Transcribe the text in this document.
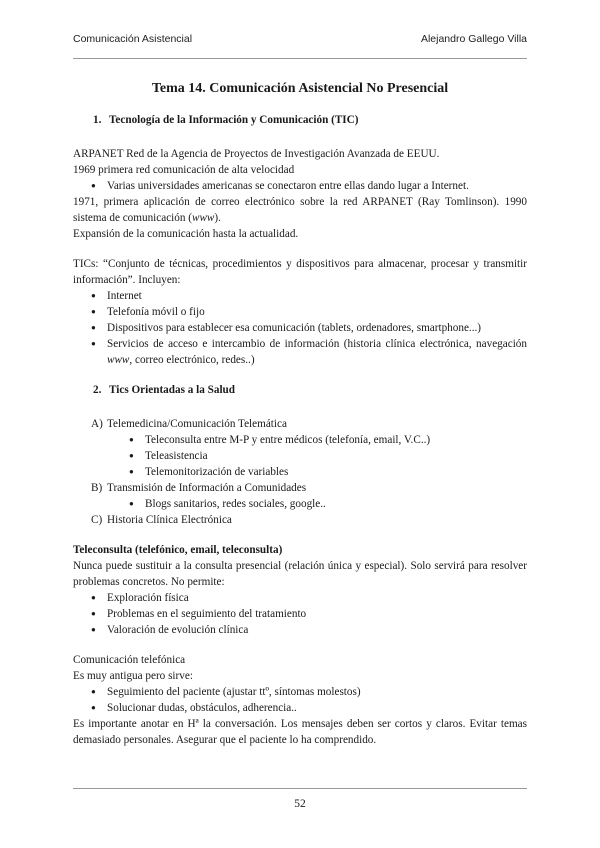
Comunicación Asistencial	Alejandro Gallego Villa
Tema 14. Comunicación Asistencial No Presencial
1. Tecnología de la Información y Comunicación (TIC)

ARPANET Red de la Agencia de Proyectos de Investigación Avanzada de EEUU.

1969 primera red comunicación de alta velocidad

● Varias universidades americanas se conectaron entre ellas dando lugar a Internet.

1971, primera aplicación de correo electrónico sobre la red ARPANET (Ray Tomlinson). 1990 sistema de comunicación (www).

Expansión de la comunicación hasta la actualidad.

TICs: “Conjunto de técnicas, procedimientos y dispositivos para almacenar, procesar y transmitir información”. Incluyen:

● Internet
● Telefonía móvil o fijo
● Dispositivos para establecer esa comunicación (tablets, ordenadores, smartphone...)
● Servicios de acceso e intercambio de información (historia clínica electrónica, navegación www, correo electrónico, redes..)
2. Tics Orientadas a la Salud
A) Telemedicina/Comunicación Telemática
● Teleconsulta entre M-P y entre médicos (telefonía, email, V.C..)
● Teleasistencia
● Telemonitorización de variables
B) Transmisión de Información a Comunidades
● Blogs sanitarios, redes sociales, google..
C) Historia Clínica Electrónica

Teleconsulta (telefónico, email, teleconsulta)

Nunca puede sustituir a la consulta presencial (relación única y especial). Solo servirá para resolver problemas concretos. No permite:

● Exploración física
● Problemas en el seguimiento del tratamiento
● Valoración de evolución clínica

Comunicación telefónica

Es muy antigua pero sirve:

● Seguimiento del paciente (ajustar ttº, síntomas molestos)
● Solucionar dudas, obstáculos, adherencia..

Es importante anotar en Hª la conversación. Los mensajes deben ser cortos y claros. Evitar temas demasiado personales. Asegurar que el paciente lo ha comprendido.

52
